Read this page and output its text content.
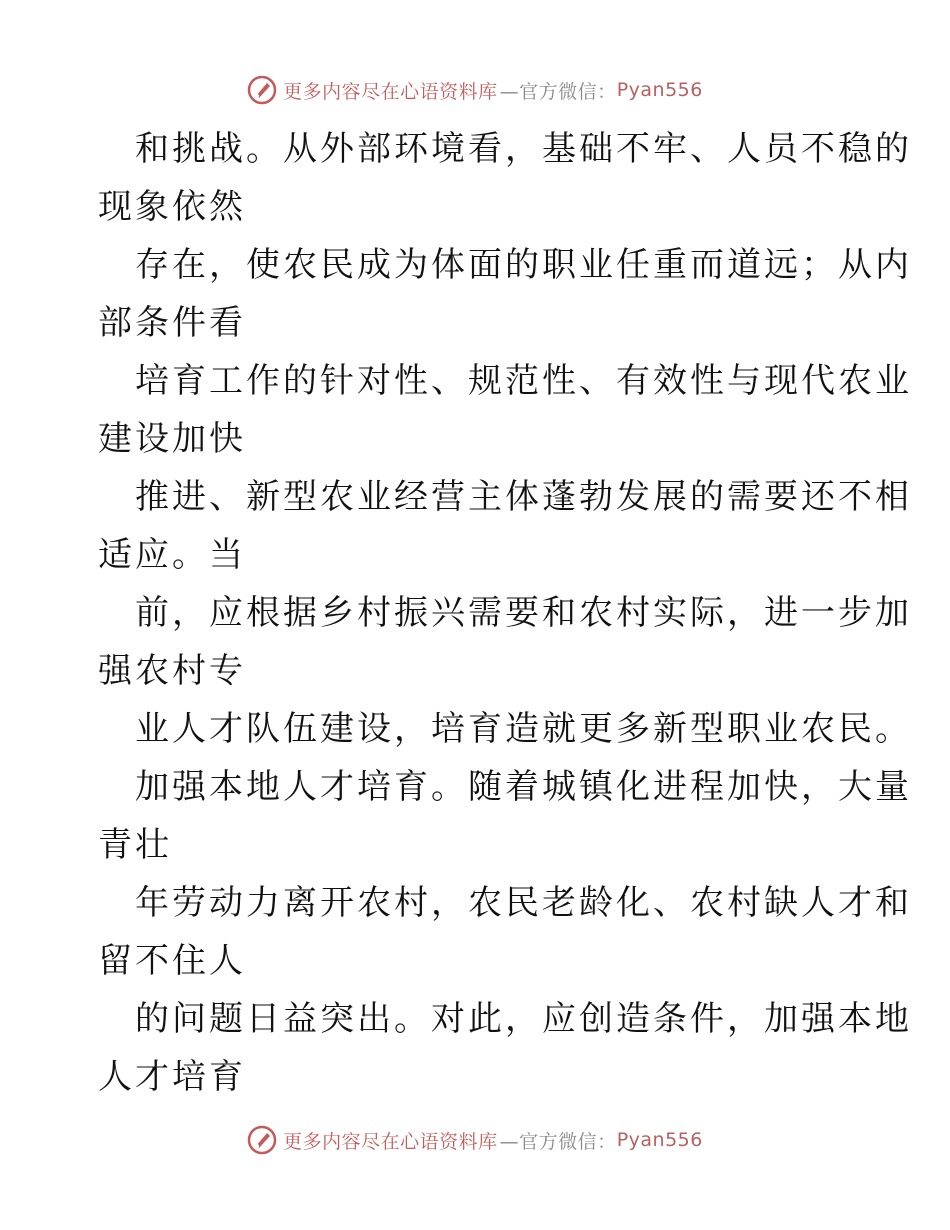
更多内容尽在心语资料库 —官方微信： Pyan556
和挑战。从外部环境看，基础不牢、人员不稳的
现象依然
存在，使农民成为体面的职业任重而道远；从内
部条件看
培育工作的针对性、规范性、有效性与现代农业
建设加快
推进、新型农业经营主体蓬勃发展的需要还不相
适应。当
前，应根据乡村振兴需要和农村实际，进一步加
强农村专
业人才队伍建设，培育造就更多新型职业农民。
加强本地人才培育。随着城镇化进程加快，大量
青壮
年劳动力离开农村，农民老龄化、农村缺人才和
留不住人
的问题日益突出。对此，应创造条件，加强本地
人才培育
更多内容尽在心语资料库 —官方微信： Pyan556
